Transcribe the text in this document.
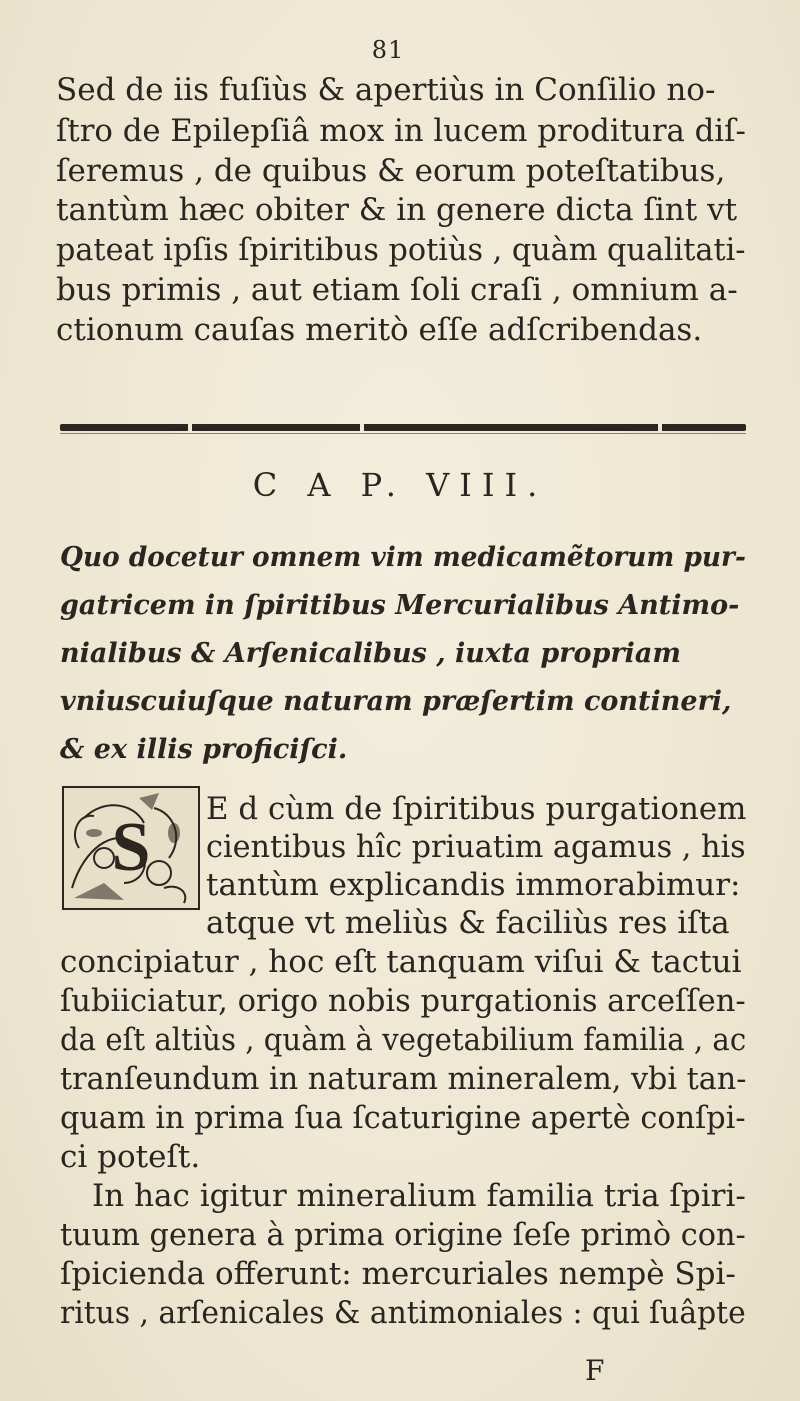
81
Sed de iis fuſiùs & apertiùs in Conſilio no-
ſtro de Epilepſiâ mox in lucem proditura diſ-
ſeremus , de quibus & eorum poteſtatibus,
tantùm hæc obiter & in genere dicta ſint vt
pateat ipſis ſpiritibus potiùs , quàm qualitati-
bus primis , aut etiam ſoli craſi , omnium a-
ctionum cauſas meritò eſſe adſcribendas.
C A P. VIII.
Quo docetur omnem vim medicamẽtorum pur-
gatricem in ſpiritibus Mercurialibus Antimo-
nialibus & Arſenicalibus , iuxta propriam
vniuscuiuſque naturam præſertim contineri,
& ex illis proficiſci.
S E d cùm de ſpiritibus purgationem
cientibus hîc priuatim agamus , his
tantùm explicandis immorabimur:
atque vt meliùs & faciliùs res iſta
concipiatur , hoc eſt tanquam viſui & tactui
ſubiiciatur, origo nobis purgationis arceſſen-
da eſt altiùs , quàm à vegetabilium familia , ac
tranſeundum in naturam mineralem, vbi tan-
quam in prima ſua ſcaturigine apertè conſpi-
ci poteſt.
In hac igitur mineralium familia tria ſpiri-
tuum genera à prima origine ſeſe primò con-
ſpicienda offerunt: mercuriales nempè Spi-
ritus , arſenicales & antimoniales : qui ſuâpte
F
